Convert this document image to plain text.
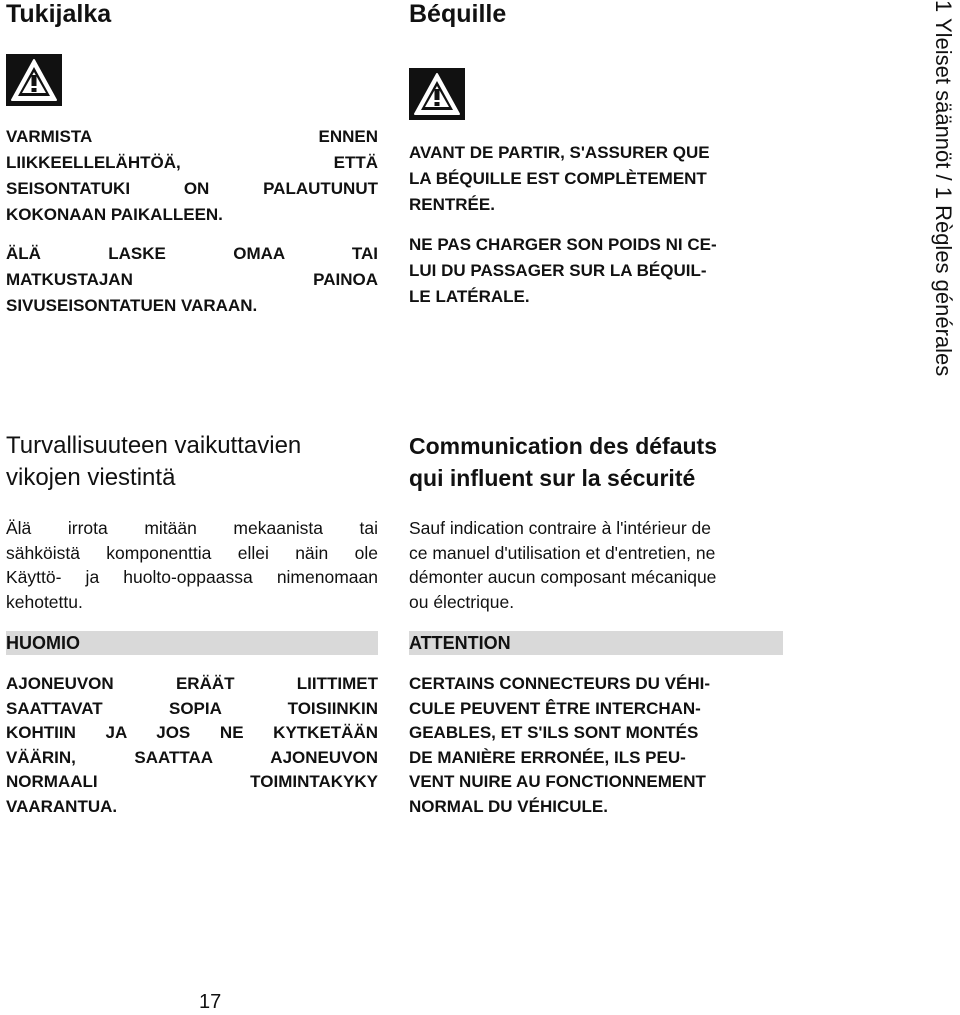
Tukijalka
VARMISTA ENNEN
LIIKKEELLELÄHTÖÄ, ETTÄ
SEISONTATUKI ON PALAUTUNUT
KOKONAAN PAIKALLEEN.
ÄLÄ LASKE OMAA TAI
MATKUSTAJAN PAINOA
SIVUSEISONTATUEN VARAAN.
Turvallisuuteen vaikuttavien
vikojen viestintä
Älä irrota mitään mekaanista tai
sähköistä komponenttia ellei näin ole
Käyttö- ja huolto-oppaassa nimenomaan
kehotettu.
HUOMIO
AJONEUVON ERÄÄT LIITTIMET
SAATTAVAT SOPIA TOISIINKIN
KOHTIIN JA JOS NE KYTKETÄÄN
VÄÄRIN, SAATTAA AJONEUVON
NORMAALI TOIMINTAKYKY
VAARANTUA.
Béquille
AVANT DE PARTIR, S'ASSURER QUE
LA BÉQUILLE EST COMPLÈTEMENT
RENTRÉE.
NE PAS CHARGER SON POIDS NI CE-
LUI DU PASSAGER SUR LA BÉQUIL-
LE LATÉRALE.
Communication des défauts
qui influent sur la sécurité
Sauf indication contraire à l'intérieur de
ce manuel d'utilisation et d'entretien, ne
démonter aucun composant mécanique
ou électrique.
ATTENTION
CERTAINS CONNECTEURS DU VÉHI-
CULE PEUVENT ÊTRE INTERCHAN-
GEABLES, ET S'ILS SONT MONTÉS
DE MANIÈRE ERRONÉE, ILS PEU-
VENT NUIRE AU FONCTIONNEMENT
NORMAL DU VÉHICULE.
1 Yleiset säännöt / 1 Règles générales
17
